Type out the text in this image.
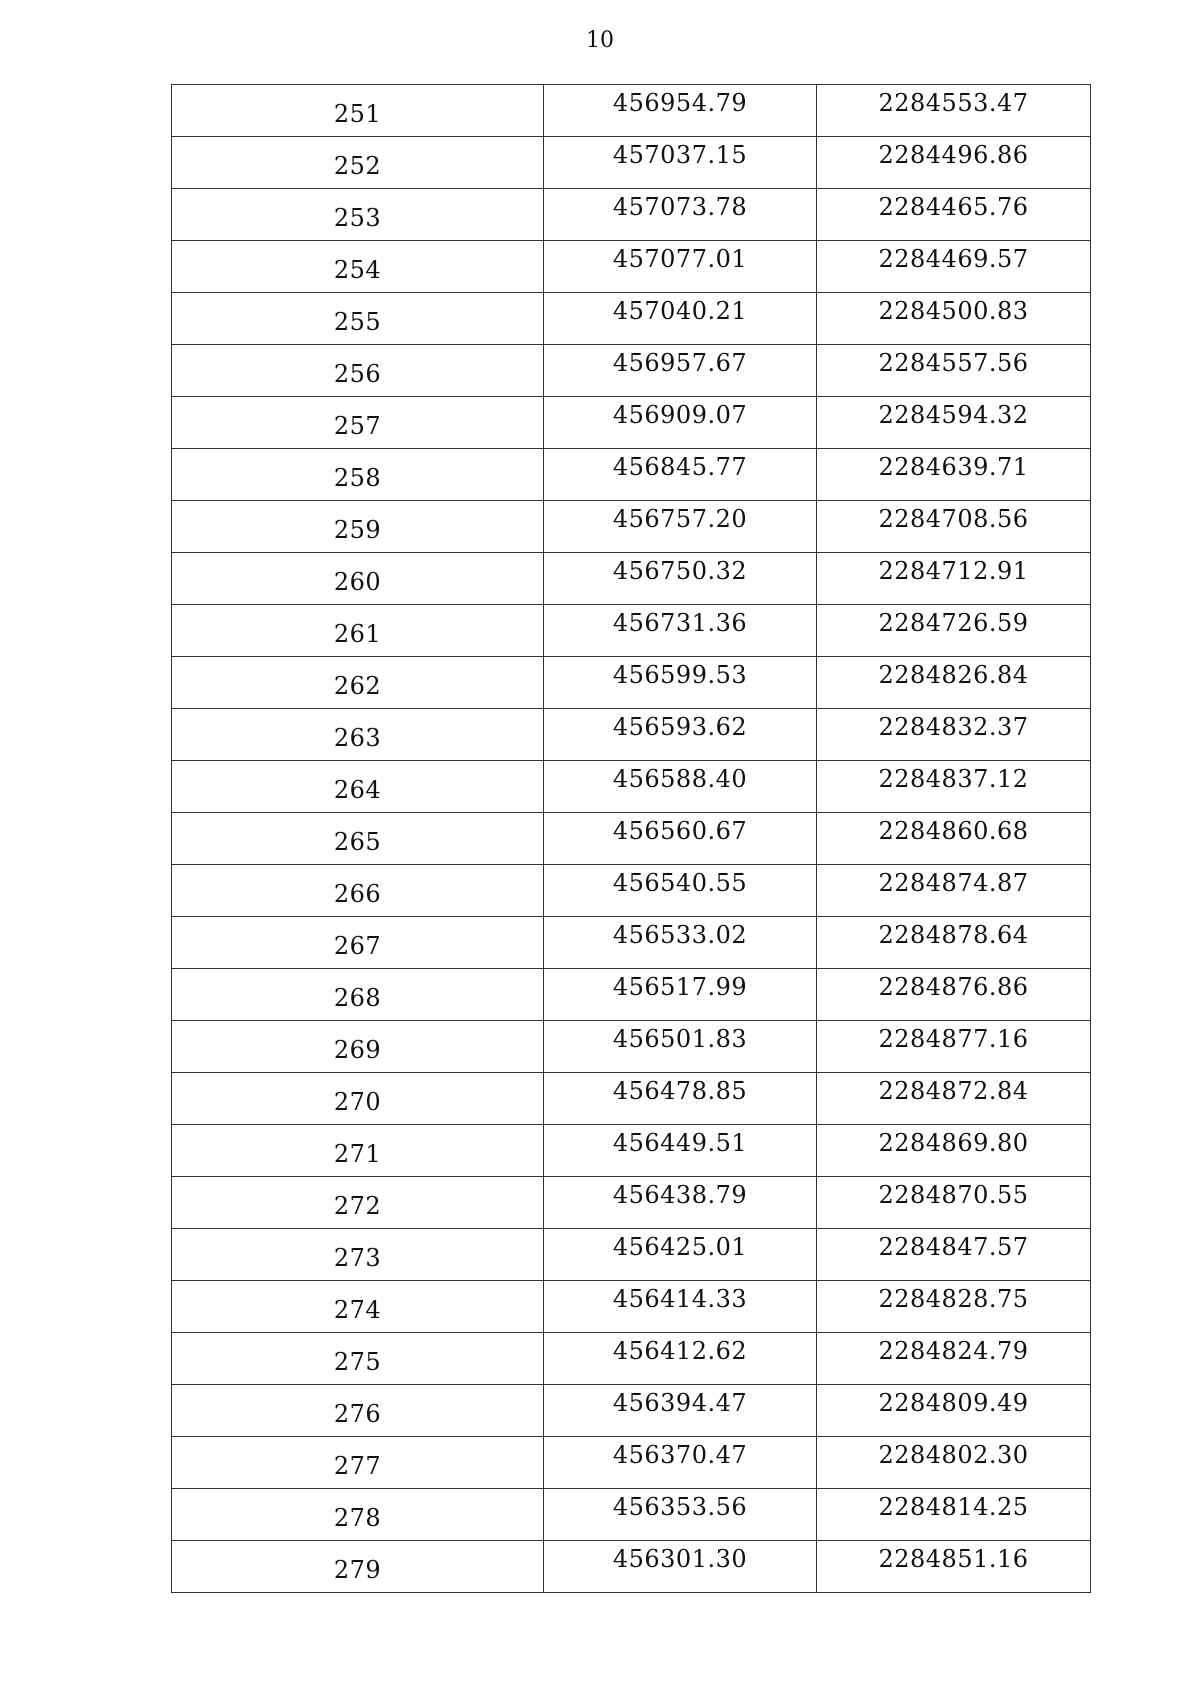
10
251	456954.79	2284553.47

252	457037.15	2284496.86

253	457073.78	2284465.76

254	457077.01	2284469.57

255	457040.21	2284500.83

256	456957.67	2284557.56

257	456909.07	2284594.32

258	456845.77	2284639.71

259	456757.20	2284708.56

260	456750.32	2284712.91

261	456731.36	2284726.59

262	456599.53	2284826.84

263	456593.62	2284832.37

264	456588.40	2284837.12

265	456560.67	2284860.68

266	456540.55	2284874.87

267	456533.02	2284878.64

268	456517.99	2284876.86

269	456501.83	2284877.16

270	456478.85	2284872.84

271	456449.51	2284869.80

272	456438.79	2284870.55

273	456425.01	2284847.57

274	456414.33	2284828.75

275	456412.62	2284824.79

276	456394.47	2284809.49

277	456370.47	2284802.30

278	456353.56	2284814.25

279	456301.30	2284851.16
